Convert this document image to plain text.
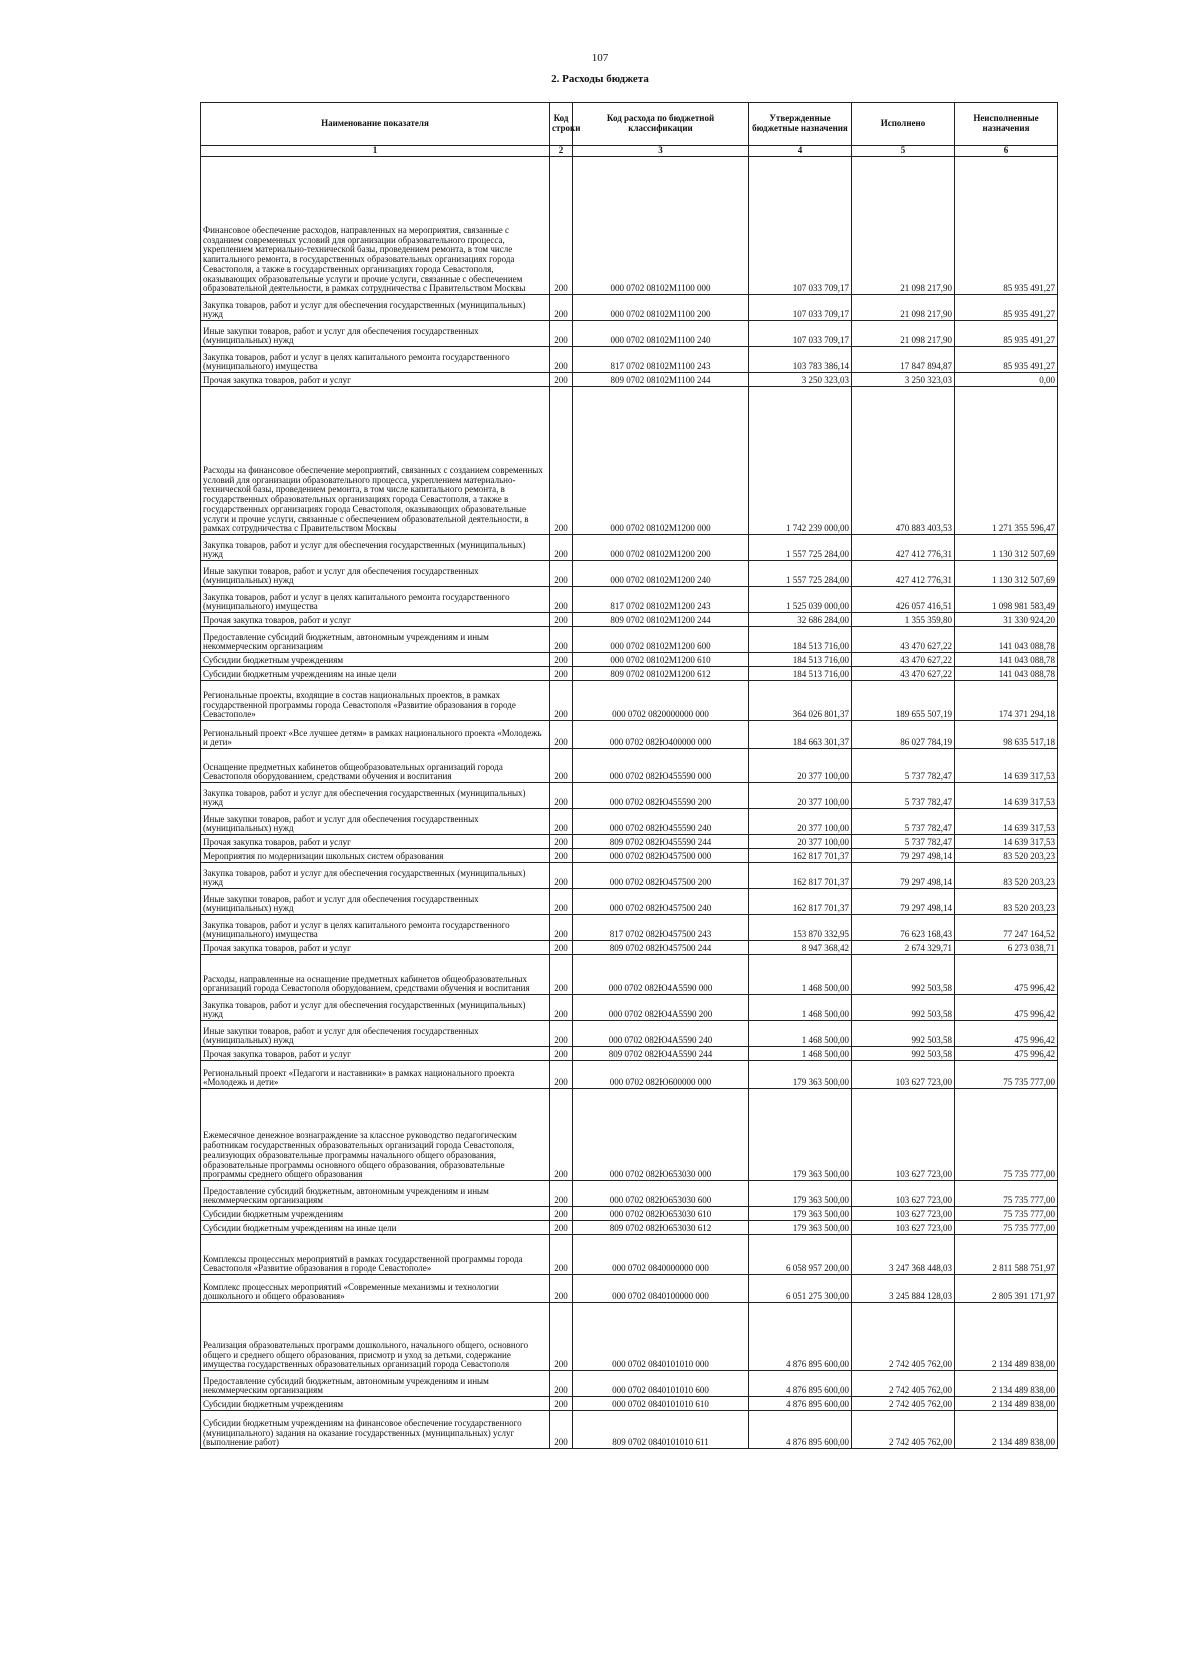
107
2. Расходы бюджета
Наименование показателя	Код строки	Код расхода по бюджетной классификации	Утвержденные бюджетные назначения	Исполнено	Неисполненные назначения
1	2	3	4	5	6
Финансовое обеспечение расходов, направленных на мероприятия, связанные с созданием современных условий для организации образовательного процесса, укреплением материально-технической базы, проведением ремонта, в том числе капитального ремонта, в государственных образовательных организациях города Севастополя, а также в государственных организациях города Севастополя, оказывающих образовательные услуги и прочие услуги, связанные с обеспечением образовательной деятельности, в рамках сотрудничества с Правительством Москвы	200	000 0702 08102М1100 000	107 033 709,17	21 098 217,90	85 935 491,27
Закупка товаров, работ и услуг для обеспечения государственных (муниципальных) нужд	200	000 0702 08102М1100 200	107 033 709,17	21 098 217,90	85 935 491,27
Иные закупки товаров, работ и услуг для обеспечения государственных (муниципальных) нужд	200	000 0702 08102М1100 240	107 033 709,17	21 098 217,90	85 935 491,27
Закупка товаров, работ и услуг в целях капитального ремонта государственного (муниципального) имущества	200	817 0702 08102М1100 243	103 783 386,14	17 847 894,87	85 935 491,27
Прочая закупка товаров, работ и услуг	200	809 0702 08102М1100 244	3 250 323,03	3 250 323,03	0,00
Расходы на финансовое обеспечение мероприятий, связанных с созданием современных условий для организации образовательного процесса, укреплением материально-технической базы, проведением ремонта, в том числе капитального ремонта, в государственных образовательных организациях города Севастополя, а также в государственных организациях города Севастополя, оказывающих образовательные услуги и прочие услуги, связанные с обеспечением образовательной деятельности, в рамках сотрудничества с Правительством Москвы	200	000 0702 08102М1200 000	1 742 239 000,00	470 883 403,53	1 271 355 596,47
Закупка товаров, работ и услуг для обеспечения государственных (муниципальных) нужд	200	000 0702 08102М1200 200	1 557 725 284,00	427 412 776,31	1 130 312 507,69
Иные закупки товаров, работ и услуг для обеспечения государственных (муниципальных) нужд	200	000 0702 08102М1200 240	1 557 725 284,00	427 412 776,31	1 130 312 507,69
Закупка товаров, работ и услуг в целях капитального ремонта государственного (муниципального) имущества	200	817 0702 08102М1200 243	1 525 039 000,00	426 057 416,51	1 098 981 583,49
Прочая закупка товаров, работ и услуг	200	809 0702 08102М1200 244	32 686 284,00	1 355 359,80	31 330 924,20
Предоставление субсидий бюджетным, автономным учреждениям и иным некоммерческим организациям	200	000 0702 08102М1200 600	184 513 716,00	43 470 627,22	141 043 088,78
Субсидии бюджетным учреждениям	200	000 0702 08102М1200 610	184 513 716,00	43 470 627,22	141 043 088,78
Субсидии бюджетным учреждениям на иные цели	200	809 0702 08102М1200 612	184 513 716,00	43 470 627,22	141 043 088,78
Региональные проекты, входящие в состав национальных проектов, в рамках государственной программы города Севастополя «Развитие образования в городе Севастополе»	200	000 0702 0820000000 000	364 026 801,37	189 655 507,19	174 371 294,18
Региональный проект «Все лучшее детям» в рамках национального проекта «Молодежь и дети»	200	000 0702 082Ю400000 000	184 663 301,37	86 027 784,19	98 635 517,18
Оснащение предметных кабинетов общеобразовательных организаций города Севастополя оборудованием, средствами обучения и воспитания	200	000 0702 082Ю455590 000	20 377 100,00	5 737 782,47	14 639 317,53
Закупка товаров, работ и услуг для обеспечения государственных (муниципальных) нужд	200	000 0702 082Ю455590 200	20 377 100,00	5 737 782,47	14 639 317,53
Иные закупки товаров, работ и услуг для обеспечения государственных (муниципальных) нужд	200	000 0702 082Ю455590 240	20 377 100,00	5 737 782,47	14 639 317,53
Прочая закупка товаров, работ и услуг	200	809 0702 082Ю455590 244	20 377 100,00	5 737 782,47	14 639 317,53
Мероприятия по модернизации школьных систем образования	200	000 0702 082Ю457500 000	162 817 701,37	79 297 498,14	83 520 203,23
Закупка товаров, работ и услуг для обеспечения государственных (муниципальных) нужд	200	000 0702 082Ю457500 200	162 817 701,37	79 297 498,14	83 520 203,23
Иные закупки товаров, работ и услуг для обеспечения государственных (муниципальных) нужд	200	000 0702 082Ю457500 240	162 817 701,37	79 297 498,14	83 520 203,23
Закупка товаров, работ и услуг в целях капитального ремонта государственного (муниципального) имущества	200	817 0702 082Ю457500 243	153 870 332,95	76 623 168,43	77 247 164,52
Прочая закупка товаров, работ и услуг	200	809 0702 082Ю457500 244	8 947 368,42	2 674 329,71	6 273 038,71
Расходы, направленные на оснащение предметных кабинетов общеобразовательных организаций города Севастополя оборудованием, средствами обучения и воспитания	200	000 0702 082Ю4А5590 000	1 468 500,00	992 503,58	475 996,42
Закупка товаров, работ и услуг для обеспечения государственных (муниципальных) нужд	200	000 0702 082Ю4А5590 200	1 468 500,00	992 503,58	475 996,42
Иные закупки товаров, работ и услуг для обеспечения государственных (муниципальных) нужд	200	000 0702 082Ю4А5590 240	1 468 500,00	992 503,58	475 996,42
Прочая закупка товаров, работ и услуг	200	809 0702 082Ю4А5590 244	1 468 500,00	992 503,58	475 996,42
Региональный проект «Педагоги и наставники» в рамках национального проекта «Молодежь и дети»	200	000 0702 082Ю600000 000	179 363 500,00	103 627 723,00	75 735 777,00
Ежемесячное денежное вознаграждение за классное руководство педагогическим работникам государственных образовательных организаций города Севастополя, реализующих образовательные программы начального общего образования, образовательные программы основного общего образования, образовательные программы среднего общего образования	200	000 0702 082Ю653030 000	179 363 500,00	103 627 723,00	75 735 777,00
Предоставление субсидий бюджетным, автономным учреждениям и иным некоммерческим организациям	200	000 0702 082Ю653030 600	179 363 500,00	103 627 723,00	75 735 777,00
Субсидии бюджетным учреждениям	200	000 0702 082Ю653030 610	179 363 500,00	103 627 723,00	75 735 777,00
Субсидии бюджетным учреждениям на иные цели	200	809 0702 082Ю653030 612	179 363 500,00	103 627 723,00	75 735 777,00
Комплексы процессных мероприятий в рамках государственной программы города Севастополя «Развитие образования в городе Севастополе»	200	000 0702 0840000000 000	6 058 957 200,00	3 247 368 448,03	2 811 588 751,97
Комплекс процессных мероприятий «Современные механизмы и технологии дошкольного и общего образования»	200	000 0702 0840100000 000	6 051 275 300,00	3 245 884 128,03	2 805 391 171,97
Реализация образовательных программ дошкольного, начального общего, основного общего и среднего общего образования, присмотр и уход за детьми, содержание имущества государственных образовательных организаций города Севастополя	200	000 0702 0840101010 000	4 876 895 600,00	2 742 405 762,00	2 134 489 838,00
Предоставление субсидий бюджетным, автономным учреждениям и иным некоммерческим организациям	200	000 0702 0840101010 600	4 876 895 600,00	2 742 405 762,00	2 134 489 838,00
Субсидии бюджетным учреждениям	200	000 0702 0840101010 610	4 876 895 600,00	2 742 405 762,00	2 134 489 838,00
Субсидии бюджетным учреждениям на финансовое обеспечение государственного (муниципального) задания на оказание государственных (муниципальных) услуг (выполнение работ)	200	809 0702 0840101010 611	4 876 895 600,00	2 742 405 762,00	2 134 489 838,00
